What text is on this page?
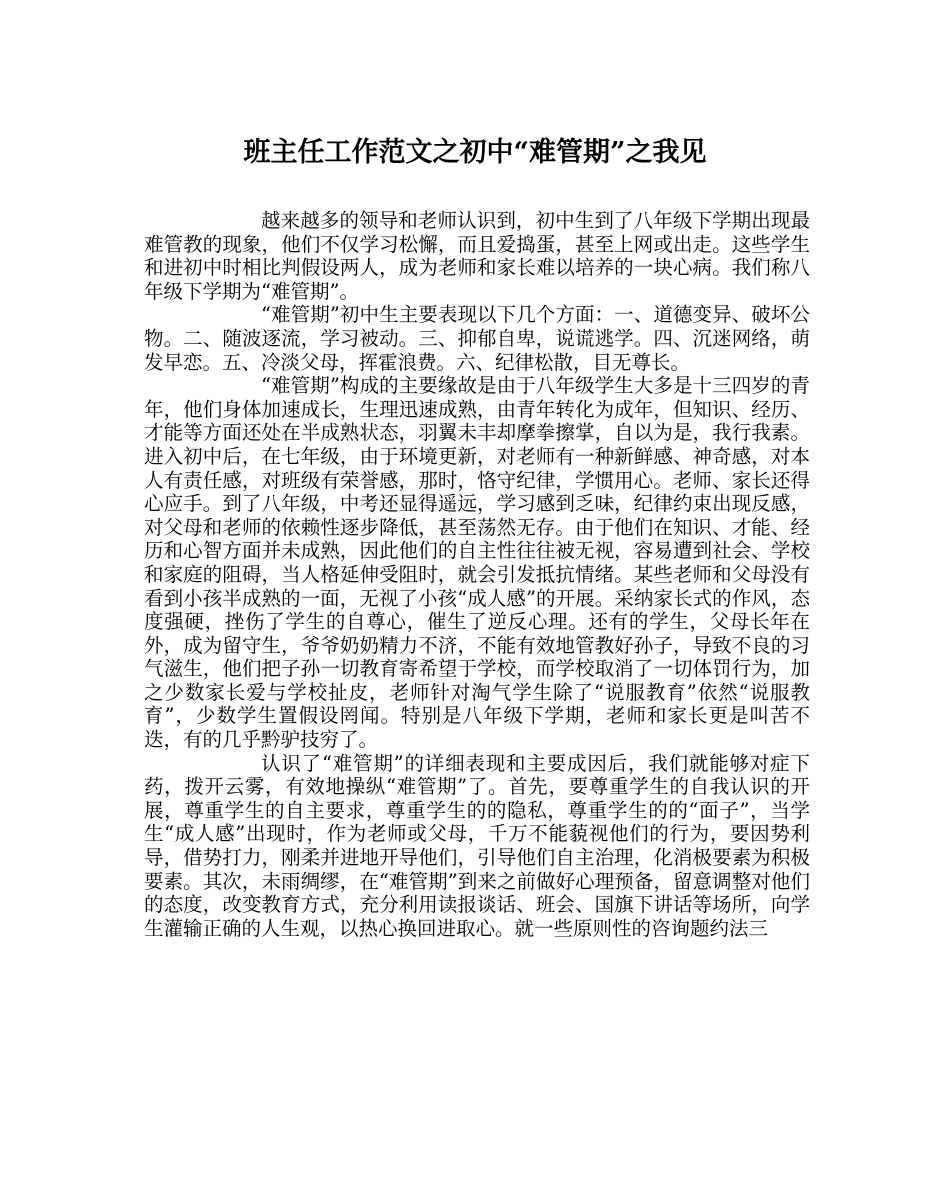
班主任工作范文之初中“难管期”之我见

越来越多的领导和老师认识到，初中生到了八年级下学期出现最难管教的现象，他们不仅学习松懈，而且爱捣蛋，甚至上网或出走。这些学生和进初中时相比判假设两人，成为老师和家长难以培养的一块心病。我们称八年级下学期为“难管期”。

“难管期”初中生主要表现以下几个方面：一、道德变异、破坏公物。二、随波逐流，学习被动。三、抑郁自卑，说谎逃学。四、沉迷网络，萌发早恋。五、冷淡父母，挥霍浪费。六、纪律松散，目无尊长。

“难管期”构成的主要缘故是由于八年级学生大多是十三四岁的青年，他们身体加速成长，生理迅速成熟，由青年转化为成年，但知识、经历、才能等方面还处在半成熟状态，羽翼未丰却摩拳擦掌，自以为是，我行我素。进入初中后，在七年级，由于环境更新，对老师有一种新鲜感、神奇感，对本人有责任感，对班级有荣誉感，那时，恪守纪律，学惯用心。老师、家长还得心应手。到了八年级，中考还显得遥远，学习感到乏味，纪律约束出现反感，对父母和老师的依赖性逐步降低，甚至荡然无存。由于他们在知识、才能、经历和心智方面并未成熟，因此他们的自主性往往被无视，容易遭到社会、学校和家庭的阻碍，当人格延伸受阻时，就会引发抵抗情绪。某些老师和父母没有看到小孩半成熟的一面，无视了小孩“成人感”的开展。采纳家长式的作风，态度强硬，挫伤了学生的自尊心，催生了逆反心理。还有的学生，父母长年在外，成为留守生，爷爷奶奶精力不济，不能有效地管教好孙子，导致不良的习气滋生，他们把子孙一切教育寄希望于学校，而学校取消了一切体罚行为，加之少数家长爱与学校扯皮，老师针对淘气学生除了“说服教育”依然“说服教育”，少数学生置假设罔闻。特别是八年级下学期，老师和家长更是叫苦不迭，有的几乎黔驴技穷了。

认识了“难管期”的详细表现和主要成因后，我们就能够对症下药，拨开云雾，有效地操纵“难管期”了。首先，要尊重学生的自我认识的开展，尊重学生的自主要求，尊重学生的的隐私，尊重学生的的“面子”，当学生“成人感”出现时，作为老师或父母，千万不能藐视他们的行为，要因势利导，借势打力，刚柔并进地开导他们，引导他们自主治理，化消极要素为积极要素。其次，未雨绸缪，在“难管期”到来之前做好心理预备，留意调整对他们的态度，改变教育方式，充分利用读报谈话、班会、国旗下讲话等场所，向学生灌输正确的人生观，以热心换回进取心。就一些原则性的咨询题约法三
